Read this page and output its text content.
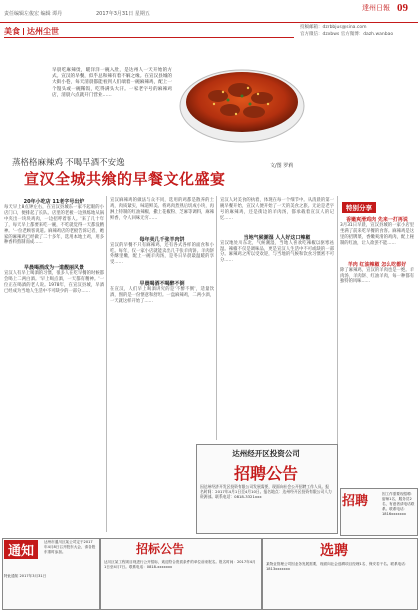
责任编辑 左俊宏 编辑 谭丹	2017年3月31日 星期五
達州日報 09
美食 达州尘世	投稿邮箱：dzrbbjus@sina.com
官方微信：dzxbws 官方微博：dazh.wanbao
早晨吃麻辣烫，暖洋洋一碗入肚，是达州人一天开始的方式。宣汉的早餐，似乎总和辣有着不解之缘。在宣汉县城的大街小巷，每天清晨都能看到人们端着一碗麻辣鸡，配上一个馒头或一碗稀饭，吃得满头大汗。一家老字号的麻辣鸡店，清晨六点就开门营业……
蒸格格麻辣鸡 不喝早酒不安逸
宣汉全城共飨的早餐文化盛宴
文/图 罗莉
20年小吃店 11老字号出炉
每天早上8点钟左右，在宣汉县城东一家不起眼的小店门口，便排起了长队。店里的老板一边熟练地从锅中夹出一块块鸡肉，一边招呼着客人。'来了几十年了，每天早上都要来吃一碗，不吃就觉得一天都没精神。'一位老顾客说道。麻辣鸡店的老板告诉记者，她家的麻辣鸡已经做了二十多年，选用本地土鸡，用多种香料熬制而成……
早晨喝酒成为一道靓丽风景
宣汉人有早上喝酒的习惯，很多人在吃早餐的时候都会喝上二两白酒。'早上喝点酒，一天都有精神。'一位正在喝酒的老人说。1978年，在宣汉县城，早酒已经成为当地人生活中不可缺少的一部分……
宣汉麻辣鸡的做法与众不同，选用的鸡都是散养的土鸡，肉质紧实，味道鲜美。将鸡肉煮熟后切成小块，再淋上特制的红油辣椒，撒上花椒粉、芝麻等调料，麻辣鲜香，令人回味无穷……
每年卖几千张羊肉饼
宣汉的早餐不只有麻辣鸡，还有各式各样的面食和小吃。每年，仅一家小店就能卖出几千张羊肉饼。羊肉饼外酥里嫩，配上一碗羊肉汤，是冬日早晨最温暖的享受……
早晨喝酒不喝醉不倒
在宣汉，人们早上喝酒讲究的是'不醉不倒'，适量饮酒，图的是一份惬意和舒坦。一盘麻辣鸡，二两小酒，一天就这样开始了……
宣汉人对美食的执着，体现在每一个细节中。从清晨的第一碗早餐开始，宣汉人便开始了一天的美食之旅。无论是老字号的麻辣鸡，还是街边的羊肉汤，都承载着宣汉人的记忆……
当地气候潮湿 人人好这口辣椒
宣汉地处川东北，气候潮湿，当地人喜欢吃辣椒以驱寒祛湿。辣椒不仅是调味品，更是宣汉人生活中不可或缺的一部分。麻辣鸡之所以受欢迎，与当地的气候和饮食习惯密不可分……
特别分享
香嫩爽滑鸡肉 先来一打再说
3月31日早晨，宣汉县城的一家小店里坐满了前来吃早餐的食客。麻辣鸡是这里的招牌菜，香嫩爽滑的鸡肉，配上秘制的红油，让人欲罢不能……
羊肉 红油辣椒 怎么吃都好
除了麻辣鸡，宣汉的羊肉也是一绝。羊肉汤、羊肉饼、红油羊肉，每一种都有独特的风味……
达州经开区投资公司
招聘公告
因达州经济开发区投资有限公司发展需要，现面向社会公开招聘工作人员。报名时间：2017年4月1日至4月10日。报名地点：达州经开区投资有限公司人力资源部。联系电话：0818-3321xxx	招聘	因工作需要现招聘：厨师1名，服务员2名，有意者请电话联系。联系电话：1816xxxxxxx
通知
达州市通川区某公司定于2017年4月8日召开股东大会，请各股东准时参加。
特此通知 2017年3月31日
招标公告
达川区某工程项目现进行公开招标，欢迎符合资质条件的单位前来报名。报名时间：2017年4月1日至4月7日。联系电话：0818-xxxxxxx
选聘
某物业管理公司因业务发展需要，现面向社会选聘项目经理1名、保安若干名。联系电话：1813xxxxxxx
